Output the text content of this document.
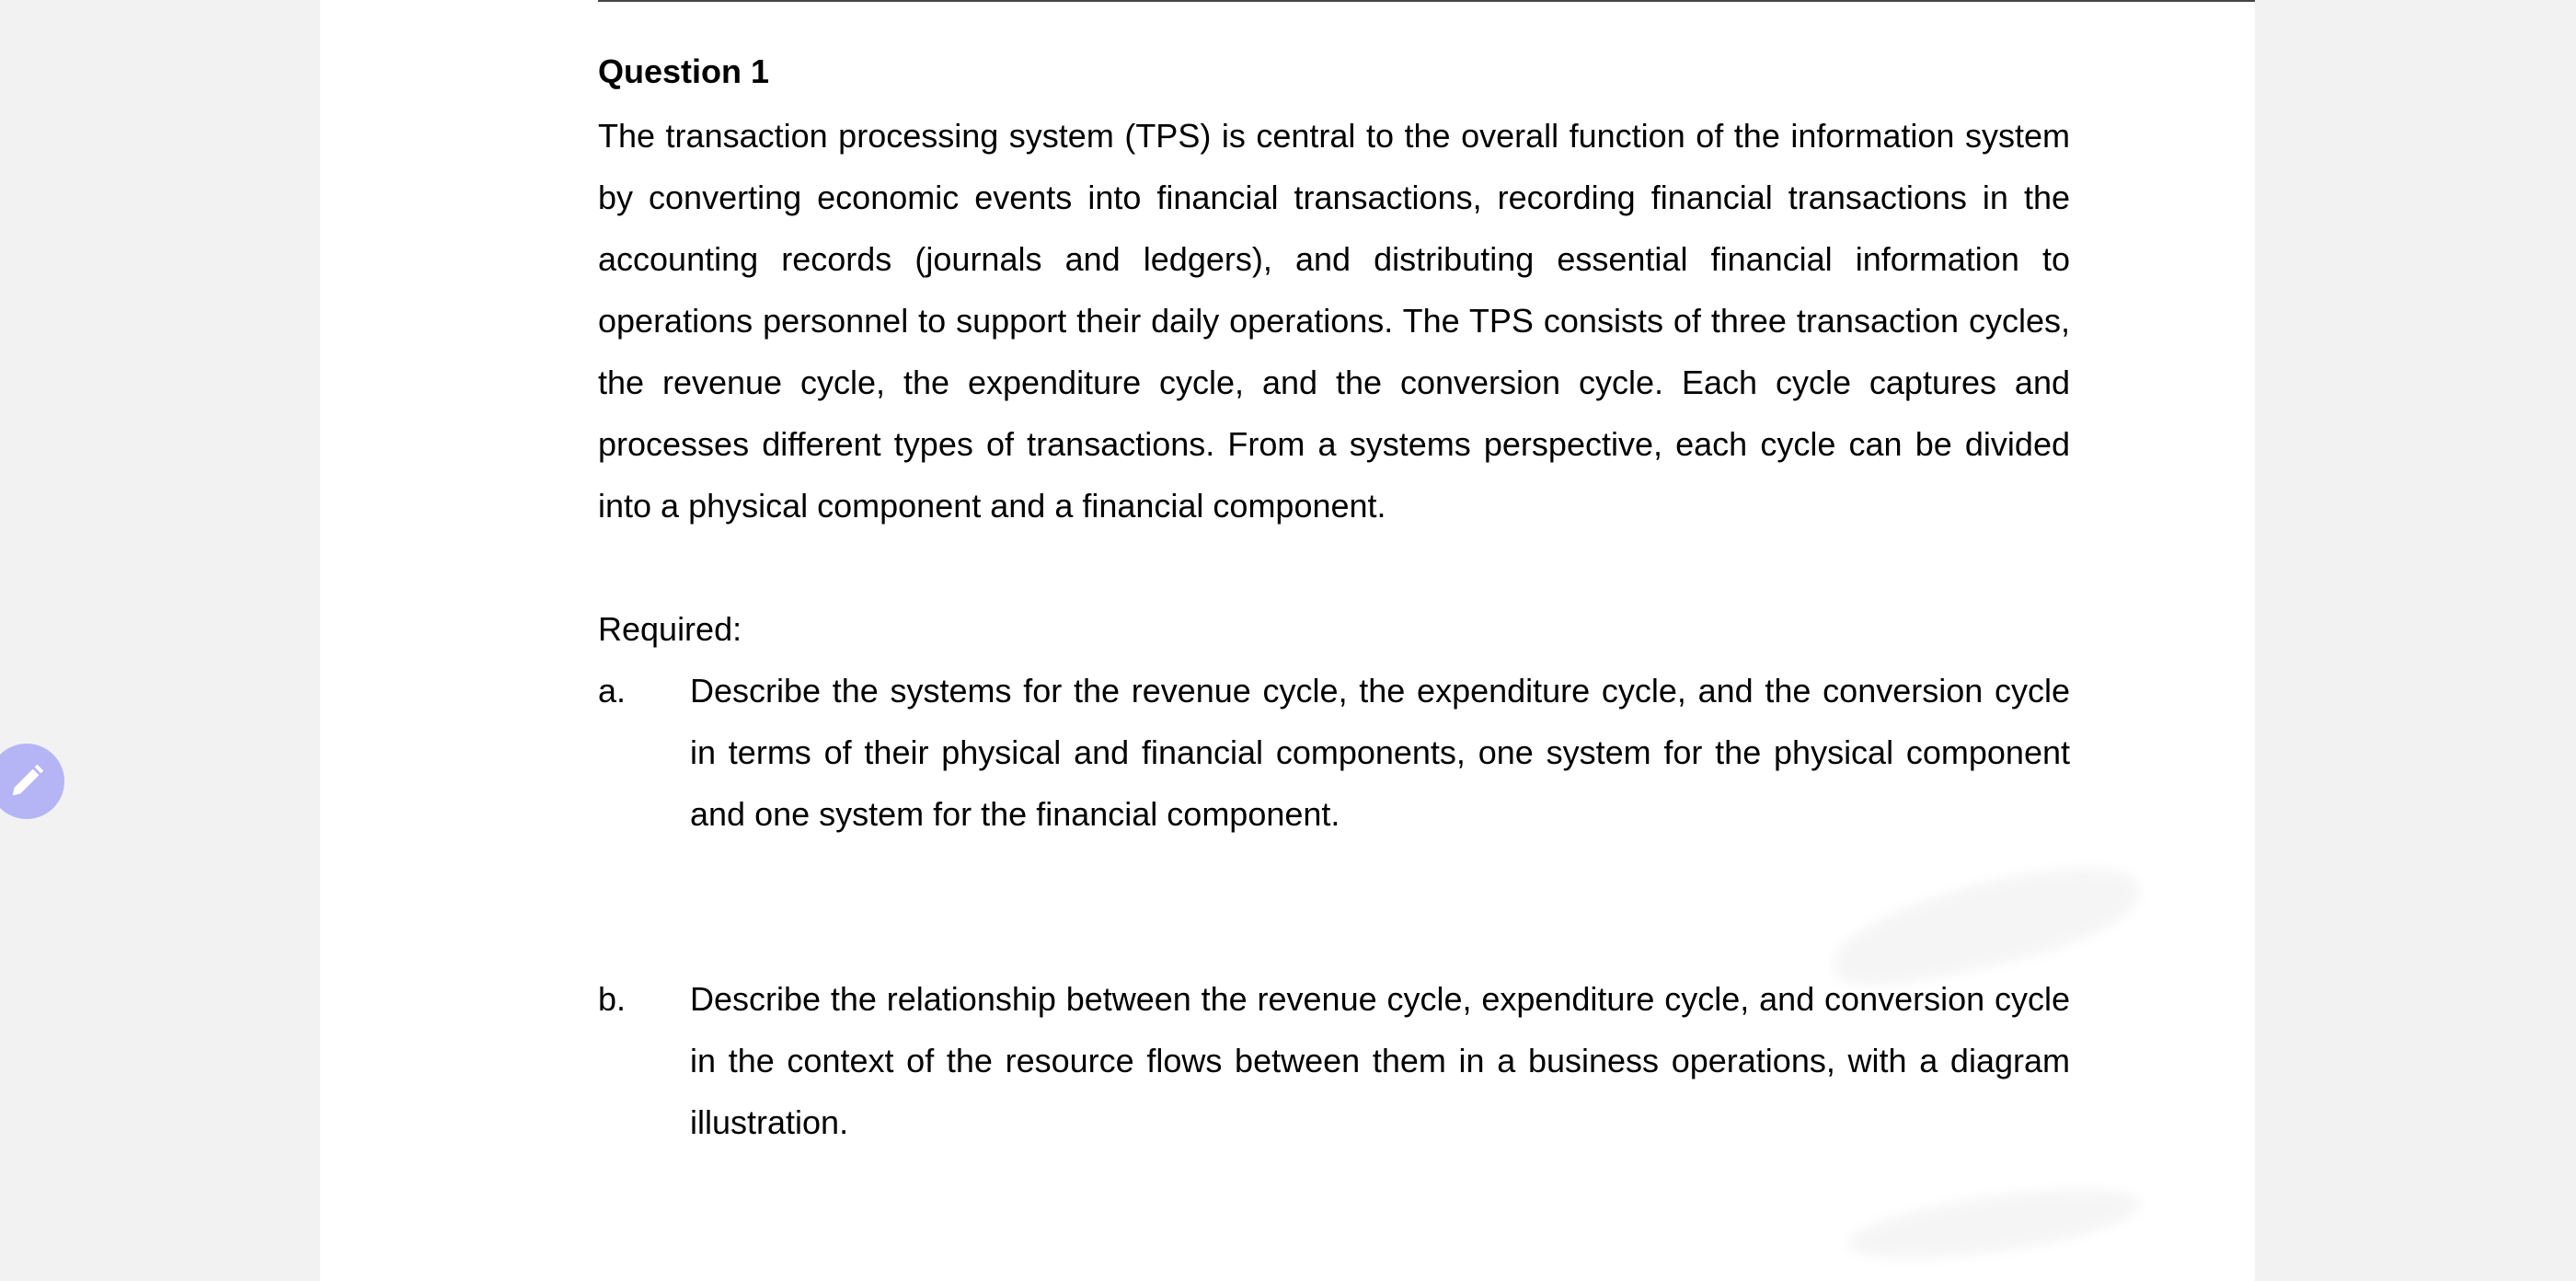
Question 1

The transaction processing system (TPS) is central to the overall function of the information system by converting economic events into financial transactions, recording financial transactions in the accounting records (journals and ledgers), and distributing essential financial information to operations personnel to support their daily operations. The TPS consists of three transaction cycles, the revenue cycle, the expenditure cycle, and the conversion cycle. Each cycle captures and processes different types of transactions. From a systems perspective, each cycle can be divided into a physical component and a financial component.

Required:

a.	Describe the systems for the revenue cycle, the expenditure cycle, and the conversion cycle in terms of their physical and financial components, one system for the physical component and one system for the financial component.
b.	Describe the relationship between the revenue cycle, expenditure cycle, and conversion cycle in the context of the resource flows between them in a business operations, with a diagram illustration.
